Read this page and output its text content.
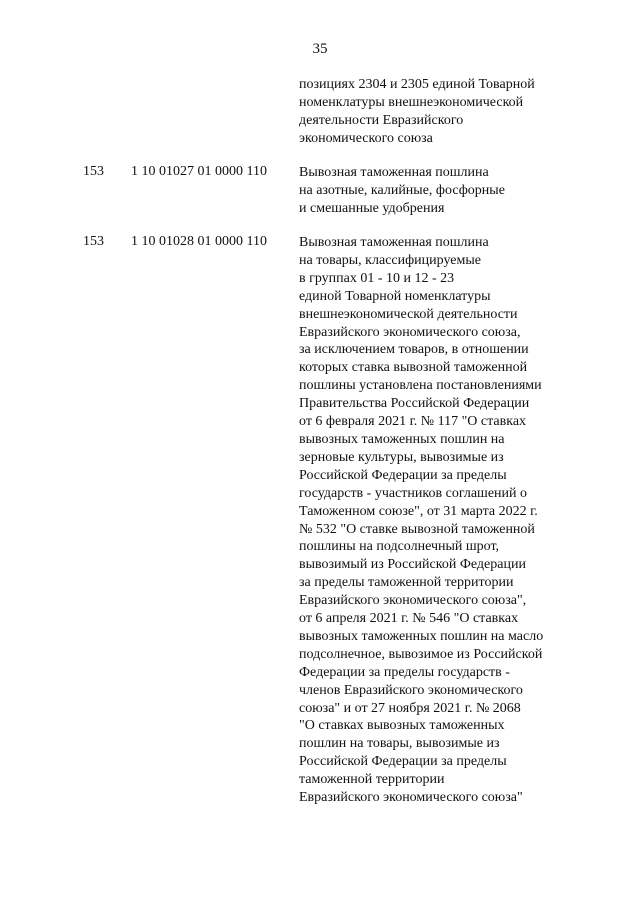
35
позициях 2304 и 2305 единой Товарной
номенклатуры внешнеэкономической
деятельности Евразийского
экономического союза
153 1 10 01027 01 0000 110 Вывозная таможенная пошлина
на азотные, калийные, фосфорные
и смешанные удобрения
153 1 10 01028 01 0000 110 Вывозная таможенная пошлина
на товары, классифицируемые
в группах 01 - 10 и 12 - 23
единой Товарной номенклатуры
внешнеэкономической деятельности
Евразийского экономического союза,
за исключением товаров, в отношении
которых ставка вывозной таможенной
пошлины установлена постановлениями
Правительства Российской Федерации
от 6 февраля 2021 г. № 117 "О ставках
вывозных таможенных пошлин на
зерновые культуры, вывозимые из
Российской Федерации за пределы
государств - участников соглашений о
Таможенном союзе", от 31 марта 2022 г.
№ 532 "О ставке вывозной таможенной
пошлины на подсолнечный шрот,
вывозимый из Российской Федерации
за пределы таможенной территории
Евразийского экономического союза",
от 6 апреля 2021 г. № 546 "О ставках
вывозных таможенных пошлин на масло
подсолнечное, вывозимое из Российской
Федерации за пределы государств -
членов Евразийского экономического
союза" и от 27 ноября 2021 г. № 2068
"О ставках вывозных таможенных
пошлин на товары, вывозимые из
Российской Федерации за пределы
таможенной территории
Евразийского экономического союза"
